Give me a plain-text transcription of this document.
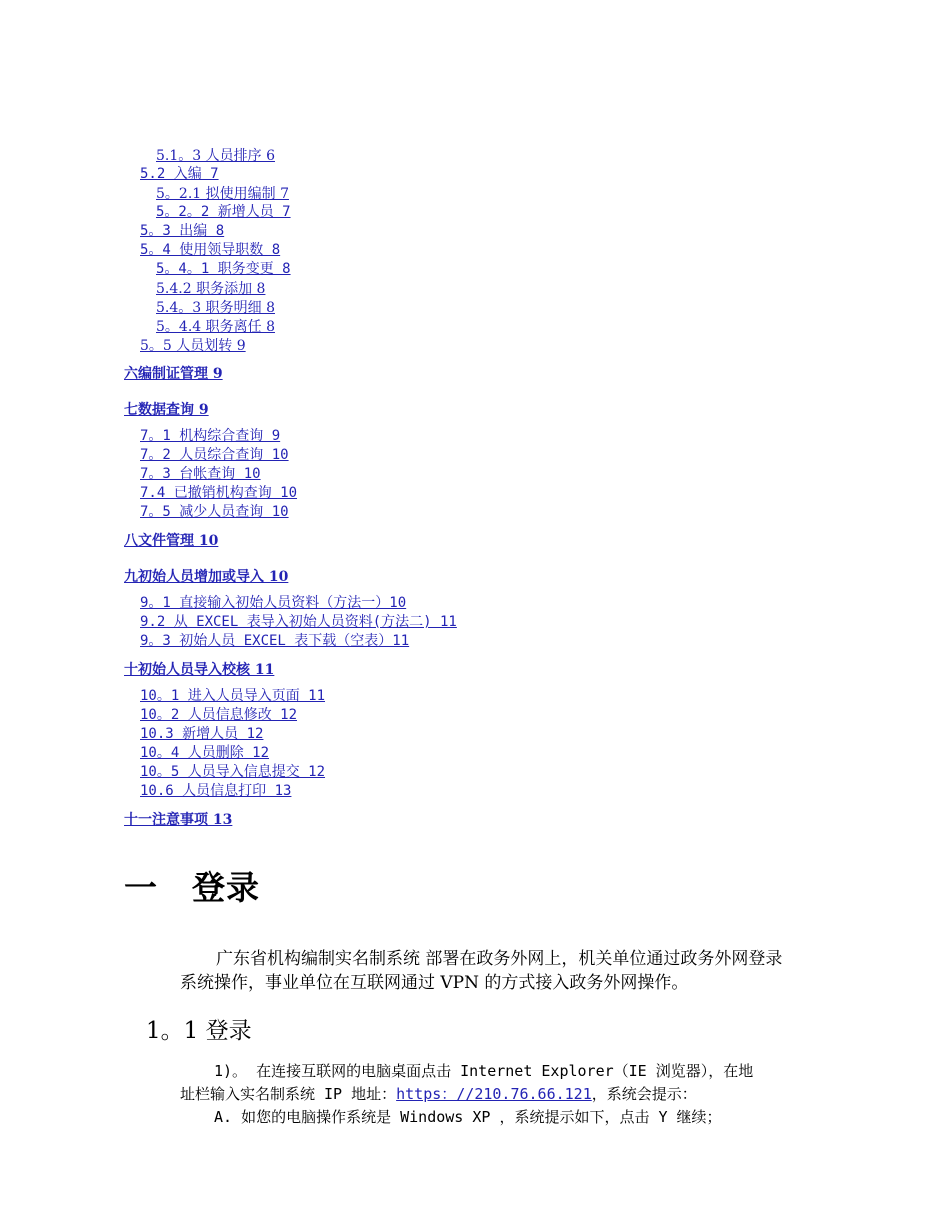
5.1。3 人员排序 6
5.2 入编 7
5。2.1 拟使用编制 7
5。2。2 新增人员 7
5。3 出编 8
5。4 使用领导职数 8
5。4。1 职务变更 8
5.4.2 职务添加 8
5.4。3 职务明细 8
5。4.4 职务离任 8
5。5 人员划转 9
六编制证管理 9
七数据查询 9
7。1 机构综合查询 9
7。2 人员综合查询 10
7。3 台帐查询 10
7.4 已撤销机构查询 10
7。5 减少人员查询 10
八文件管理 10
九初始人员增加或导入 10
9。1 直接输入初始人员资料（方法一）10
9.2 从 EXCEL 表导入初始人员资料(方法二) 11
9。3 初始人员 EXCEL 表下载（空表）11
十初始人员导入校核 11
10。1 进入人员导入页面 11
10。2 人员信息修改 12
10.3 新增人员 12
10。4 人员删除 12
10。5 人员导入信息提交 12
10.6 人员信息打印 13
十一注意事项 13
一 登录

广东省机构编制实名制系统 部署在政务外网上，机关单位通过政务外网登录

系统操作，事业单位在互联网通过 VPN 的方式接入政务外网操作。

1。1 登录
1)。 在连接互联网的电脑桌面点击 Internet Explorer（IE 浏览器），在地
址栏输入实名制系统 IP 地址：https：//210.76.66.121，系统会提示：
A. 如您的电脑操作系统是 Windows XP ，系统提示如下，点击 Y 继续；
